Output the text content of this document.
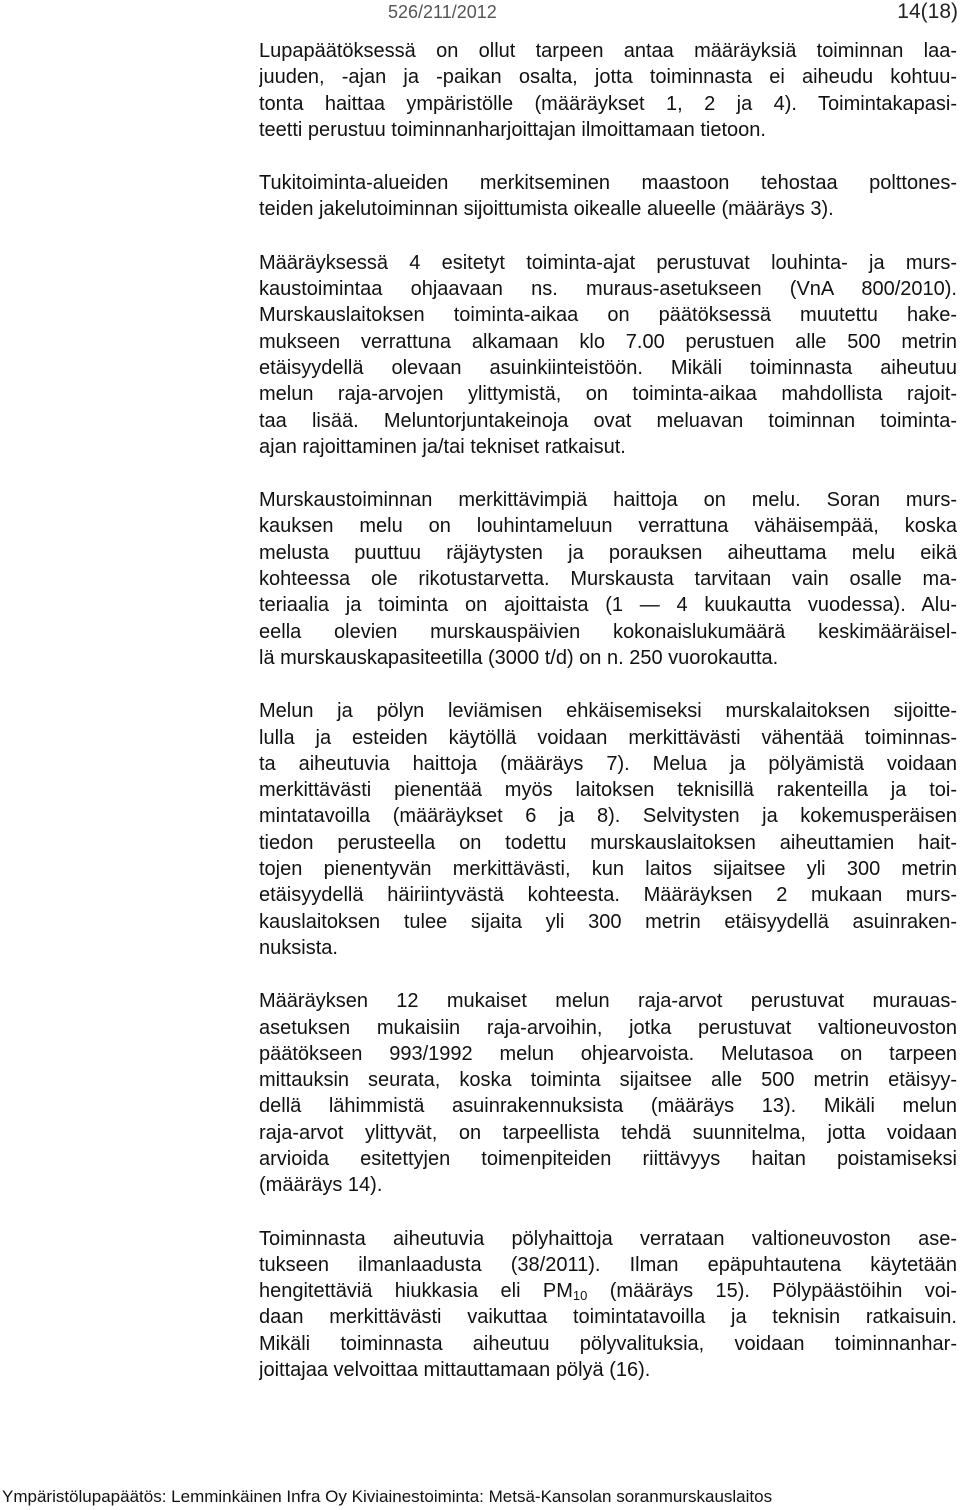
526/211/2012	14(18)
Lupapäätöksessä on ollut tarpeen antaa määräyksiä toiminnan laa-
juuden, -ajan ja -paikan osalta, jotta toiminnasta ei aiheudu kohtuu-
tonta haittaa ympäristölle (määräykset 1, 2 ja 4). Toimintakapasi-
teetti perustuu toiminnanharjoittajan ilmoittamaan tietoon.
Tukitoiminta-alueiden merkitseminen maastoon tehostaa polttones-
teiden jakelutoiminnan sijoittumista oikealle alueelle (määräys 3).
Määräyksessä 4 esitetyt toiminta-ajat perustuvat louhinta- ja murs-
kaustoimintaa ohjaavaan ns. muraus-asetukseen (VnA 800/2010).
Murskauslaitoksen toiminta-aikaa on päätöksessä muutettu hake-
mukseen verrattuna alkamaan klo 7.00 perustuen alle 500 metrin
etäisyydellä olevaan asuinkiinteistöön. Mikäli toiminnasta aiheutuu
melun raja-arvojen ylittymistä, on toiminta-aikaa mahdollista rajoit-
taa lisää. Meluntorjuntakeinoja ovat meluavan toiminnan toiminta-
ajan rajoittaminen ja/tai tekniset ratkaisut.
Murskaustoiminnan merkittävimpiä haittoja on melu. Soran murs-
kauksen melu on louhintameluun verrattuna vähäisempää, koska
melusta puuttuu räjäytysten ja porauksen aiheuttama melu eikä
kohteessa ole rikotustarvetta. Murskausta tarvitaan vain osalle ma-
teriaalia ja toiminta on ajoittaista (1 — 4 kuukautta vuodessa). Alu-
eella olevien murskauspäivien kokonaislukumäärä keskimääräisel-
lä murskauskapasiteetilla (3000 t/d) on n. 250 vuorokautta.
Melun ja pölyn leviämisen ehkäisemiseksi murskalaitoksen sijoitte-
lulla ja esteiden käytöllä voidaan merkittävästi vähentää toiminnas-
ta aiheutuvia haittoja (määräys 7). Melua ja pölyämistä voidaan
merkittävästi pienentää myös laitoksen teknisillä rakenteilla ja toi-
mintatavoilla (määräykset 6 ja 8). Selvitysten ja kokemusperäisen
tiedon perusteella on todettu murskauslaitoksen aiheuttamien hait-
tojen pienentyvän merkittävästi, kun laitos sijaitsee yli 300 metrin
etäisyydellä häiriintyvästä kohteesta. Määräyksen 2 mukaan murs-
kauslaitoksen tulee sijaita yli 300 metrin etäisyydellä asuinraken-
nuksista.
Määräyksen 12 mukaiset melun raja-arvot perustuvat murauas-
asetuksen mukaisiin raja-arvoihin, jotka perustuvat valtioneuvoston
päätökseen 993/1992 melun ohjearvoista. Melutasoa on tarpeen
mittauksin seurata, koska toiminta sijaitsee alle 500 metrin etäisyy-
dellä lähimmistä asuinrakennuksista (määräys 13). Mikäli melun
raja-arvot ylittyvät, on tarpeellista tehdä suunnitelma, jotta voidaan
arvioida esitettyjen toimenpiteiden riittävyys haitan poistamiseksi
(määräys 14).
Toiminnasta aiheutuvia pölyhaittoja verrataan valtioneuvoston ase-
tukseen ilmanlaadusta (38/2011). Ilman epäpuhtautena käytetään
hengitettäviä hiukkasia eli $PM_{10}$ (määräys 15). Pölypäästöihin voi-
daan merkittävästi vaikuttaa toimintatavoilla ja teknisin ratkaisuin.
Mikäli toiminnasta aiheutuu pölyvalituksia, voidaan toiminnanhar-
joittajaa velvoittaa mittauttamaan pölyä (16).
Ympäristölupapäätös: Lemminkäinen Infra Oy Kiviainestoiminta: Metsä-Kansolan soranmurskauslaitos
